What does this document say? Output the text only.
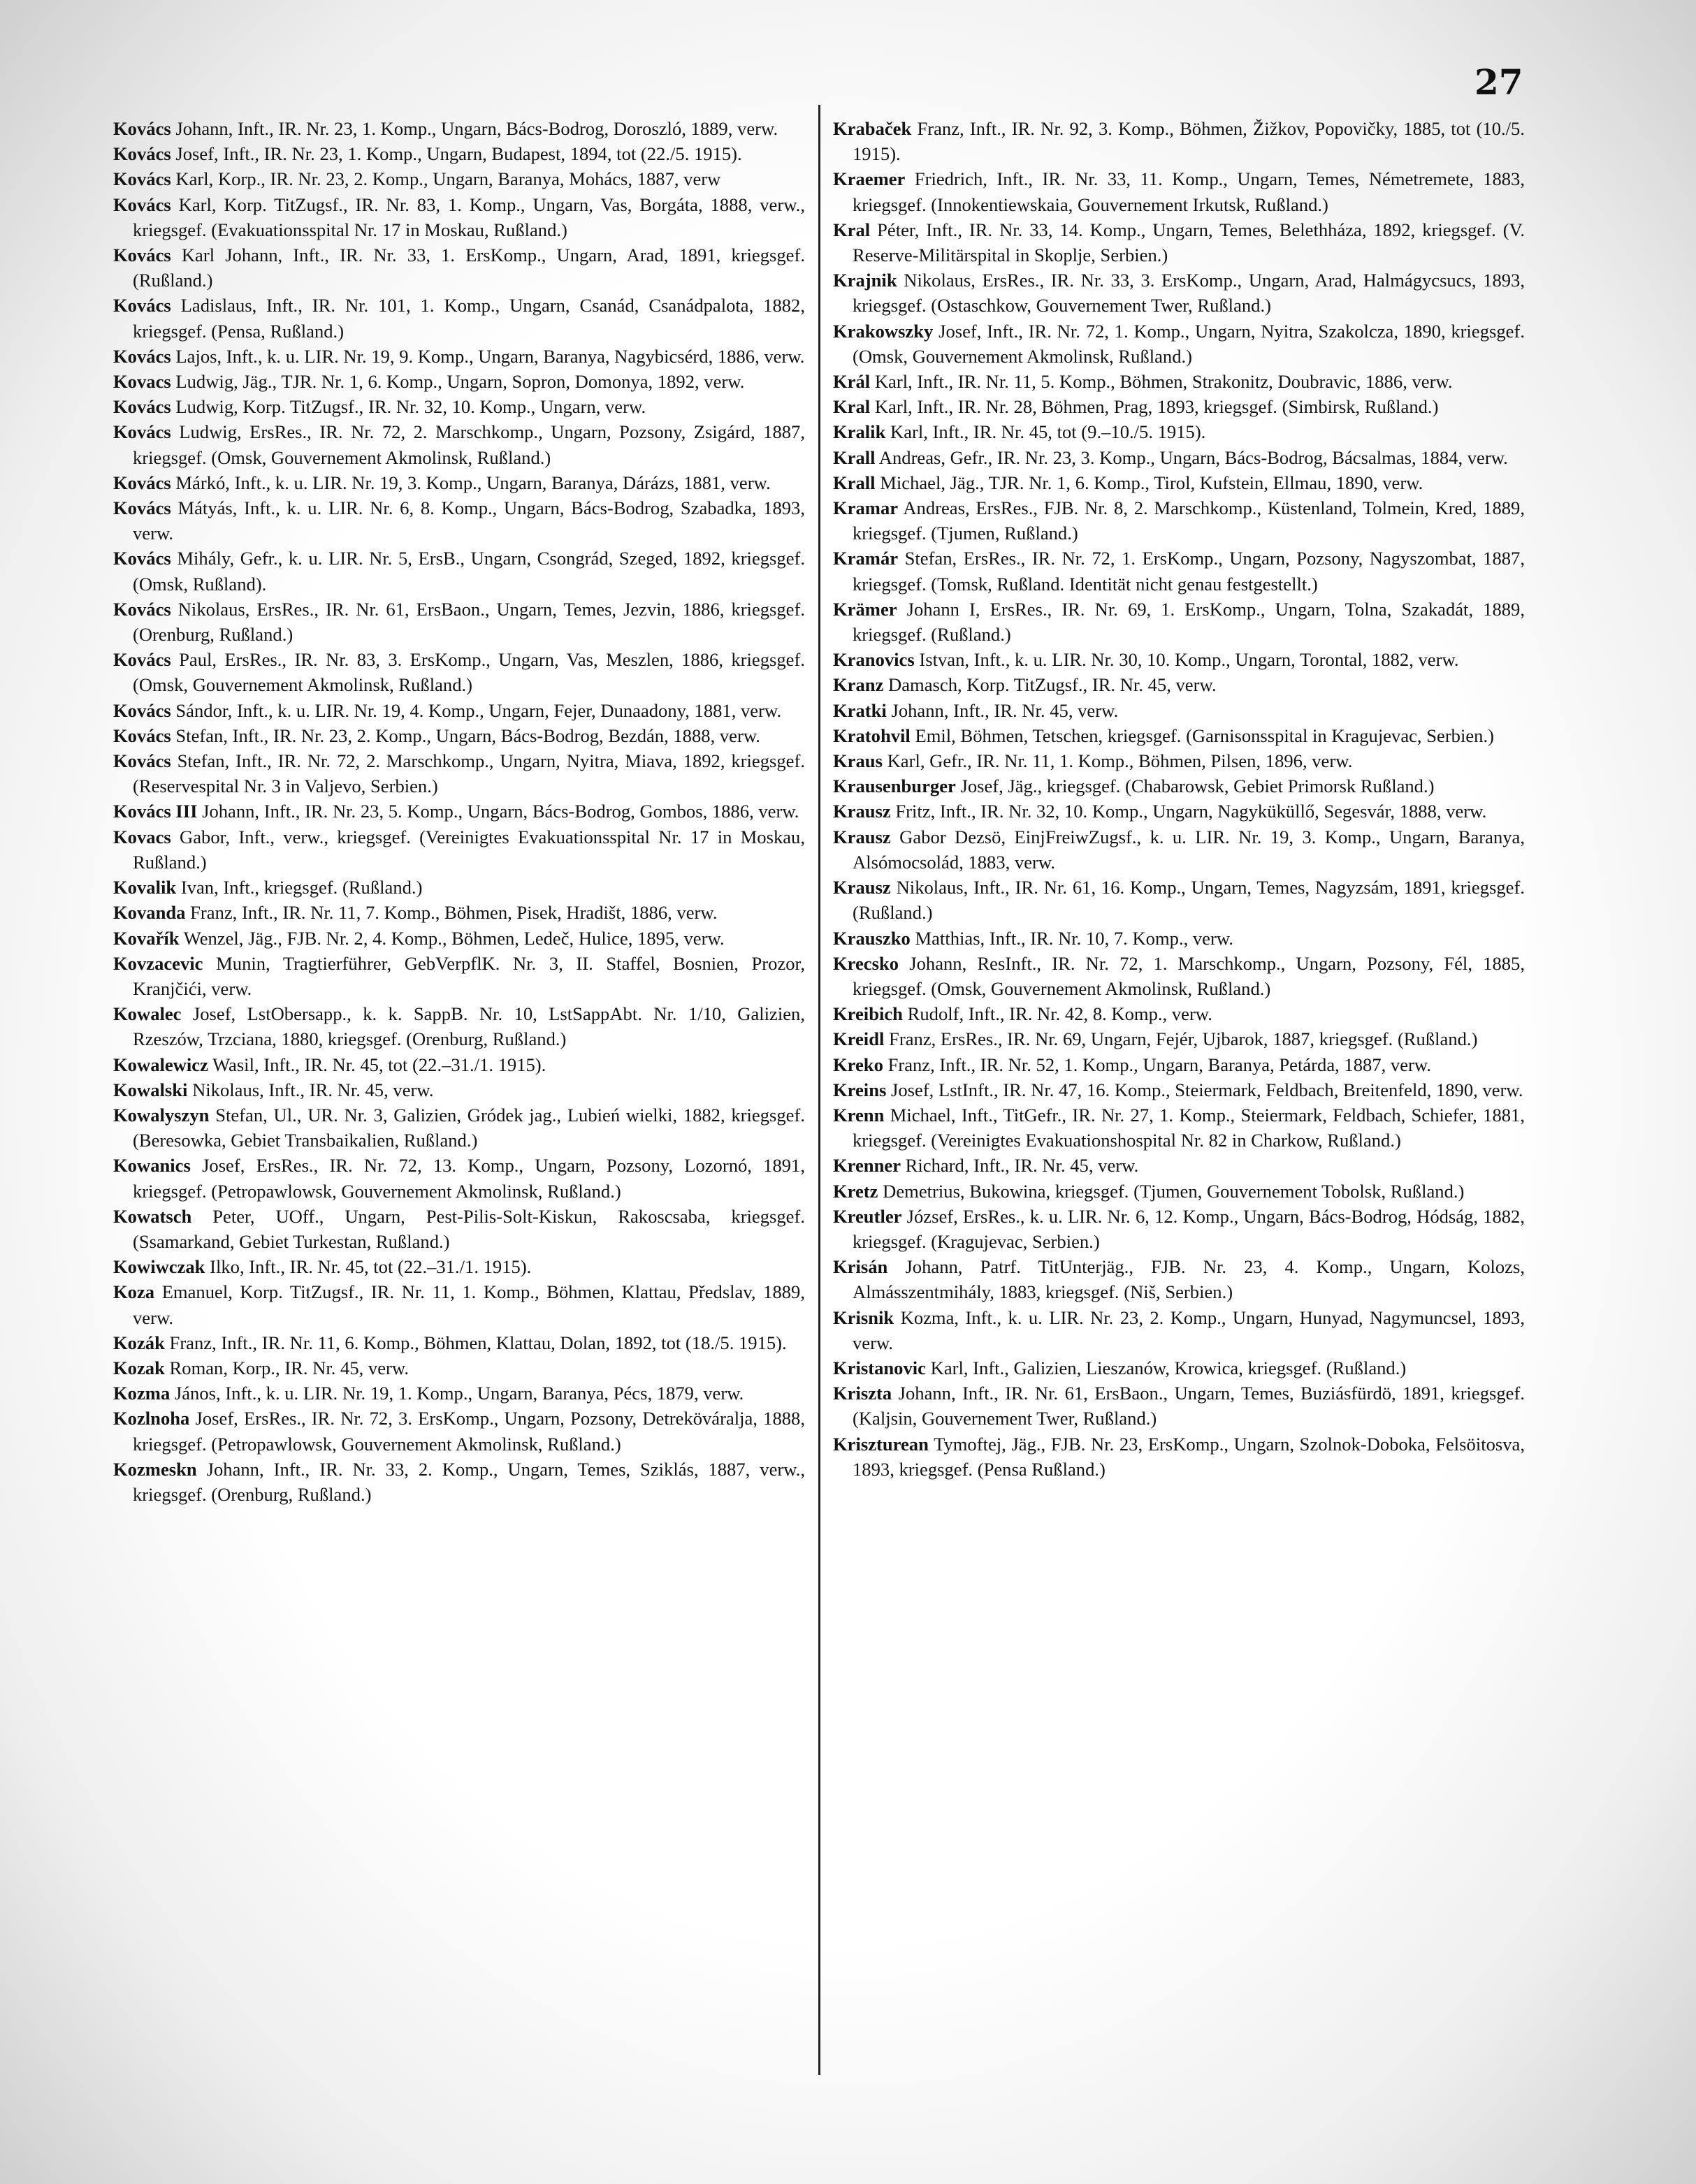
27

Kovács Johann, Inft., IR. Nr. 23, 1. Komp., Ungarn, Bács-Bodrog, Doroszló, 1889, verw.

Kovács Josef, Inft., IR. Nr. 23, 1. Komp., Ungarn, Budapest, 1894, tot (22./5. 1915).

Kovács Karl, Korp., IR. Nr. 23, 2. Komp., Ungarn, Baranya, Mohács, 1887, verw

Kovács Karl, Korp. TitZugsf., IR. Nr. 83, 1. Komp., Ungarn, Vas, Borgáta, 1888, verw., kriegsgef. (Evakuationsspital Nr. 17 in Moskau, Rußland.)

Kovács Karl Johann, Inft., IR. Nr. 33, 1. ErsKomp., Ungarn, Arad, 1891, kriegsgef. (Rußland.)

Kovács Ladislaus, Inft., IR. Nr. 101, 1. Komp., Ungarn, Csanád, Csanádpalota, 1882, kriegsgef. (Pensa, Rußland.)

Kovács Lajos, Inft., k. u. LIR. Nr. 19, 9. Komp., Ungarn, Baranya, Nagybicsérd, 1886, verw.

Kovacs Ludwig, Jäg., TJR. Nr. 1, 6. Komp., Ungarn, Sopron, Domonya, 1892, verw.

Kovács Ludwig, Korp. TitZugsf., IR. Nr. 32, 10. Komp., Ungarn, verw.

Kovács Ludwig, ErsRes., IR. Nr. 72, 2. Marschkomp., Ungarn, Pozsony, Zsigárd, 1887, kriegsgef. (Omsk, Gouvernement Akmolinsk, Rußland.)

Kovács Márkó, Inft., k. u. LIR. Nr. 19, 3. Komp., Ungarn, Baranya, Dárázs, 1881, verw.

Kovács Mátyás, Inft., k. u. LIR. Nr. 6, 8. Komp., Ungarn, Bács-Bodrog, Szabadka, 1893, verw.

Kovács Mihály, Gefr., k. u. LIR. Nr. 5, ErsB., Ungarn, Csongrád, Szeged, 1892, kriegsgef. (Omsk, Rußland).

Kovács Nikolaus, ErsRes., IR. Nr. 61, ErsBaon., Ungarn, Temes, Jezvin, 1886, kriegsgef. (Orenburg, Rußland.)

Kovács Paul, ErsRes., IR. Nr. 83, 3. ErsKomp., Ungarn, Vas, Meszlen, 1886, kriegsgef. (Omsk, Gouvernement Akmolinsk, Rußland.)

Kovács Sándor, Inft., k. u. LIR. Nr. 19, 4. Komp., Ungarn, Fejer, Dunaadony, 1881, verw.

Kovács Stefan, Inft., IR. Nr. 23, 2. Komp., Ungarn, Bács-Bodrog, Bezdán, 1888, verw.

Kovács Stefan, Inft., IR. Nr. 72, 2. Marschkomp., Ungarn, Nyitra, Miava, 1892, kriegsgef. (Reservespital Nr. 3 in Valjevo, Serbien.)

Kovács III Johann, Inft., IR. Nr. 23, 5. Komp., Ungarn, Bács-Bodrog, Gombos, 1886, verw.

Kovacs Gabor, Inft., verw., kriegsgef. (Vereinigtes Evakuationsspital Nr. 17 in Moskau, Rußland.)

Kovalik Ivan, Inft., kriegsgef. (Rußland.)

Kovanda Franz, Inft., IR. Nr. 11, 7. Komp., Böhmen, Pisek, Hradišt, 1886, verw.

Kovařík Wenzel, Jäg., FJB. Nr. 2, 4. Komp., Böhmen, Ledeč, Hulice, 1895, verw.

Kovzacevic Munin, Tragtierführer, GebVerpflK. Nr. 3, II. Staffel, Bosnien, Prozor, Kranjčići, verw.

Kowalec Josef, LstObersapp., k. k. SappB. Nr. 10, LstSappAbt. Nr. 1/10, Galizien, Rzeszów, Trzciana, 1880, kriegsgef. (Orenburg, Rußland.)

Kowalewicz Wasil, Inft., IR. Nr. 45, tot (22.–31./1. 1915).

Kowalski Nikolaus, Inft., IR. Nr. 45, verw.

Kowalyszyn Stefan, Ul., UR. Nr. 3, Galizien, Gródek jag., Lubień wielki, 1882, kriegsgef. (Beresowka, Gebiet Transbaikalien, Rußland.)

Kowanics Josef, ErsRes., IR. Nr. 72, 13. Komp., Ungarn, Pozsony, Lozornó, 1891, kriegsgef. (Petropawlowsk, Gouvernement Akmolinsk, Rußland.)

Kowatsch Peter, UOff., Ungarn, Pest-Pilis-Solt-Kiskun, Rakoscsaba, kriegsgef. (Ssamarkand, Gebiet Turkestan, Rußland.)

Kowiwczak Ilko, Inft., IR. Nr. 45, tot (22.–31./1. 1915).

Koza Emanuel, Korp. TitZugsf., IR. Nr. 11, 1. Komp., Böhmen, Klattau, Předslav, 1889, verw.

Kozák Franz, Inft., IR. Nr. 11, 6. Komp., Böhmen, Klattau, Dolan, 1892, tot (18./5. 1915).

Kozak Roman, Korp., IR. Nr. 45, verw.

Kozma János, Inft., k. u. LIR. Nr. 19, 1. Komp., Ungarn, Baranya, Pécs, 1879, verw.

Kozlnoha Josef, ErsRes., IR. Nr. 72, 3. ErsKomp., Ungarn, Pozsony, Detreköváralja, 1888, kriegsgef. (Petropawlowsk, Gouvernement Akmolinsk, Rußland.)

Kozmeskn Johann, Inft., IR. Nr. 33, 2. Komp., Ungarn, Temes, Sziklás, 1887, verw., kriegsgef. (Orenburg, Rußland.)

Krabaček Franz, Inft., IR. Nr. 92, 3. Komp., Böhmen, Žižkov, Popovičky, 1885, tot (10./5. 1915).

Kraemer Friedrich, Inft., IR. Nr. 33, 11. Komp., Ungarn, Temes, Németremete, 1883, kriegsgef. (Innokentiewskaia, Gouvernement Irkutsk, Rußland.)

Kral Péter, Inft., IR. Nr. 33, 14. Komp., Ungarn, Temes, Belethháza, 1892, kriegsgef. (V. Reserve-Militärspital in Skoplje, Serbien.)

Krajnik Nikolaus, ErsRes., IR. Nr. 33, 3. ErsKomp., Ungarn, Arad, Halmágycsucs, 1893, kriegsgef. (Ostaschkow, Gouvernement Twer, Rußland.)

Krakowszky Josef, Inft., IR. Nr. 72, 1. Komp., Ungarn, Nyitra, Szakolcza, 1890, kriegsgef. (Omsk, Gouvernement Akmolinsk, Rußland.)

Král Karl, Inft., IR. Nr. 11, 5. Komp., Böhmen, Strakonitz, Doubravic, 1886, verw.

Kral Karl, Inft., IR. Nr. 28, Böhmen, Prag, 1893, kriegsgef. (Simbirsk, Rußland.)

Kralik Karl, Inft., IR. Nr. 45, tot (9.–10./5. 1915).

Krall Andreas, Gefr., IR. Nr. 23, 3. Komp., Ungarn, Bács-Bodrog, Bácsalmas, 1884, verw.

Krall Michael, Jäg., TJR. Nr. 1, 6. Komp., Tirol, Kufstein, Ellmau, 1890, verw.

Kramar Andreas, ErsRes., FJB. Nr. 8, 2. Marschkomp., Küstenland, Tolmein, Kred, 1889, kriegsgef. (Tjumen, Rußland.)

Kramár Stefan, ErsRes., IR. Nr. 72, 1. ErsKomp., Ungarn, Pozsony, Nagyszombat, 1887, kriegsgef. (Tomsk, Rußland. Identität nicht genau festgestellt.)

Krämer Johann I, ErsRes., IR. Nr. 69, 1. ErsKomp., Ungarn, Tolna, Szakadát, 1889, kriegsgef. (Rußland.)

Kranovics Istvan, Inft., k. u. LIR. Nr. 30, 10. Komp., Ungarn, Torontal, 1882, verw.

Kranz Damasch, Korp. TitZugsf., IR. Nr. 45, verw.

Kratki Johann, Inft., IR. Nr. 45, verw.

Kratohvil Emil, Böhmen, Tetschen, kriegsgef. (Garnisonsspital in Kragujevac, Serbien.)

Kraus Karl, Gefr., IR. Nr. 11, 1. Komp., Böhmen, Pilsen, 1896, verw.

Krausenburger Josef, Jäg., kriegsgef. (Chabarowsk, Gebiet Primorsk Rußland.)

Krausz Fritz, Inft., IR. Nr. 32, 10. Komp., Ungarn, Nagyküküllő, Segesvár, 1888, verw.

Krausz Gabor Dezsö, EinjFreiwZugsf., k. u. LIR. Nr. 19, 3. Komp., Ungarn, Baranya, Alsómocsolád, 1883, verw.

Krausz Nikolaus, Inft., IR. Nr. 61, 16. Komp., Ungarn, Temes, Nagyzsám, 1891, kriegsgef. (Rußland.)

Krauszko Matthias, Inft., IR. Nr. 10, 7. Komp., verw.

Krecsko Johann, ResInft., IR. Nr. 72, 1. Marschkomp., Ungarn, Pozsony, Fél, 1885, kriegsgef. (Omsk, Gouvernement Akmolinsk, Rußland.)

Kreibich Rudolf, Inft., IR. Nr. 42, 8. Komp., verw.

Kreidl Franz, ErsRes., IR. Nr. 69, Ungarn, Fejér, Ujbarok, 1887, kriegsgef. (Rußland.)

Kreko Franz, Inft., IR. Nr. 52, 1. Komp., Ungarn, Baranya, Petárda, 1887, verw.

Kreins Josef, LstInft., IR. Nr. 47, 16. Komp., Steiermark, Feldbach, Breitenfeld, 1890, verw.

Krenn Michael, Inft., TitGefr., IR. Nr. 27, 1. Komp., Steiermark, Feldbach, Schiefer, 1881, kriegsgef. (Vereinigtes Evakuationshospital Nr. 82 in Charkow, Rußland.)

Krenner Richard, Inft., IR. Nr. 45, verw.

Kretz Demetrius, Bukowina, kriegsgef. (Tjumen, Gouvernement Tobolsk, Rußland.)

Kreutler József, ErsRes., k. u. LIR. Nr. 6, 12. Komp., Ungarn, Bács-Bodrog, Hódság, 1882, kriegsgef. (Kragujevac, Serbien.)

Krisán Johann, Patrf. TitUnterjäg., FJB. Nr. 23, 4. Komp., Ungarn, Kolozs, Almásszentmihály, 1883, kriegsgef. (Niš, Serbien.)

Krisnik Kozma, Inft., k. u. LIR. Nr. 23, 2. Komp., Ungarn, Hunyad, Nagymuncsel, 1893, verw.

Kristanovic Karl, Inft., Galizien, Lieszanów, Krowica, kriegsgef. (Rußland.)

Kriszta Johann, Inft., IR. Nr. 61, ErsBaon., Ungarn, Temes, Buziásfürdö, 1891, kriegsgef. (Kaljsin, Gouvernement Twer, Rußland.)

Kriszturean Tymoftej, Jäg., FJB. Nr. 23, ErsKomp., Ungarn, Szolnok-Doboka, Felsöitosva, 1893, kriegsgef. (Pensa Rußland.)
